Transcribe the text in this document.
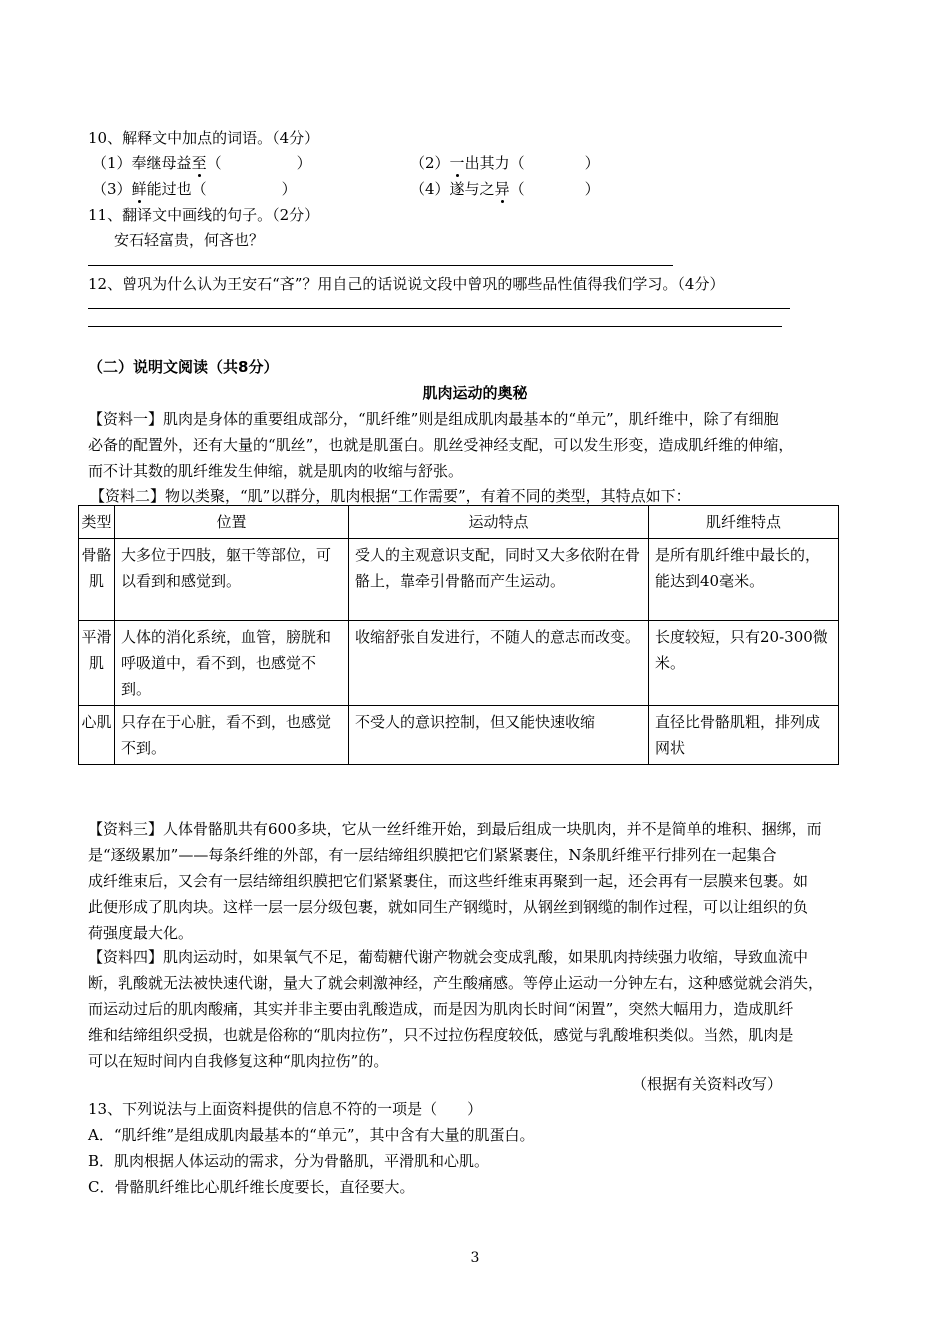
10、解释文中加点的词语。（4分）
（1）奉继母益至（　　　　　）	（2）一出其力（　　　　）
（3）鲜能过也（　　　　　）	（4）遂与之异（　　　　）
11、翻译文中画线的句子。（2分）
安石轻富贵，何吝也？
12、曾巩为什么认为王安石“吝”？用自己的话说说文段中曾巩的哪些品性值得我们学习。（4分）
（二）说明文阅读（共8分）
肌肉运动的奥秘
【资料一】肌肉是身体的重要组成部分，“肌纤维”则是组成肌肉最基本的“单元”，肌纤维中，除了有细胞
必备的配置外，还有大量的“肌丝”，也就是肌蛋白。肌丝受神经支配，可以发生形变，造成肌纤维的伸缩，
而不计其数的肌纤维发生伸缩，就是肌肉的收缩与舒张。
【资料二】物以类聚，“肌”以群分，肌肉根据“工作需要”，有着不同的类型，其特点如下：
类型	位置	运动特点	肌纤维特点
骨骼肌	大多位于四肢，躯干等部位，可以看到和感觉到。	受人的主观意识支配，同时又大多依附在骨骼上，靠牵引骨骼而产生运动。	是所有肌纤维中最长的，能达到40毫米。
平滑肌	人体的消化系统，血管，膀胱和呼吸道中，看不到，也感觉不到。	收缩舒张自发进行，不随人的意志而改变。	长度较短，只有20-300微米。
心肌	只存在于心脏，看不到，也感觉不到。	不受人的意识控制，但又能快速收缩	直径比骨骼肌粗，排列成网状
【资料三】人体骨骼肌共有600多块，它从一丝纤维开始，到最后组成一块肌肉，并不是简单的堆积、捆绑，而
是“逐级累加”——每条纤维的外部，有一层结缔组织膜把它们紧紧裹住，N条肌纤维平行排列在一起集合
成纤维束后，又会有一层结缔组织膜把它们紧紧裹住，而这些纤维束再聚到一起，还会再有一层膜来包裹。如
此便形成了肌肉块。这样一层一层分级包裹，就如同生产钢缆时，从钢丝到钢缆的制作过程，可以让组织的负
荷强度最大化。
【资料四】肌肉运动时，如果氧气不足，葡萄糖代谢产物就会变成乳酸，如果肌肉持续强力收缩，导致血流中
断，乳酸就无法被快速代谢，量大了就会刺激神经，产生酸痛感。等停止运动一分钟左右，这种感觉就会消失，
而运动过后的肌肉酸痛，其实并非主要由乳酸造成，而是因为肌肉长时间“闲置”，突然大幅用力，造成肌纤
维和结缔组织受损，也就是俗称的“肌肉拉伤”，只不过拉伤程度较低，感觉与乳酸堆积类似。当然，肌肉是
可以在短时间内自我修复这种“肌肉拉伤”的。
（根据有关资料改写）
13、下列说法与上面资料提供的信息不符的一项是（　　）
A．“肌纤维”是组成肌肉最基本的“单元”，其中含有大量的肌蛋白。
B．肌肉根据人体运动的需求，分为骨骼肌，平滑肌和心肌。
C．骨骼肌纤维比心肌纤维长度要长，直径要大。
3
